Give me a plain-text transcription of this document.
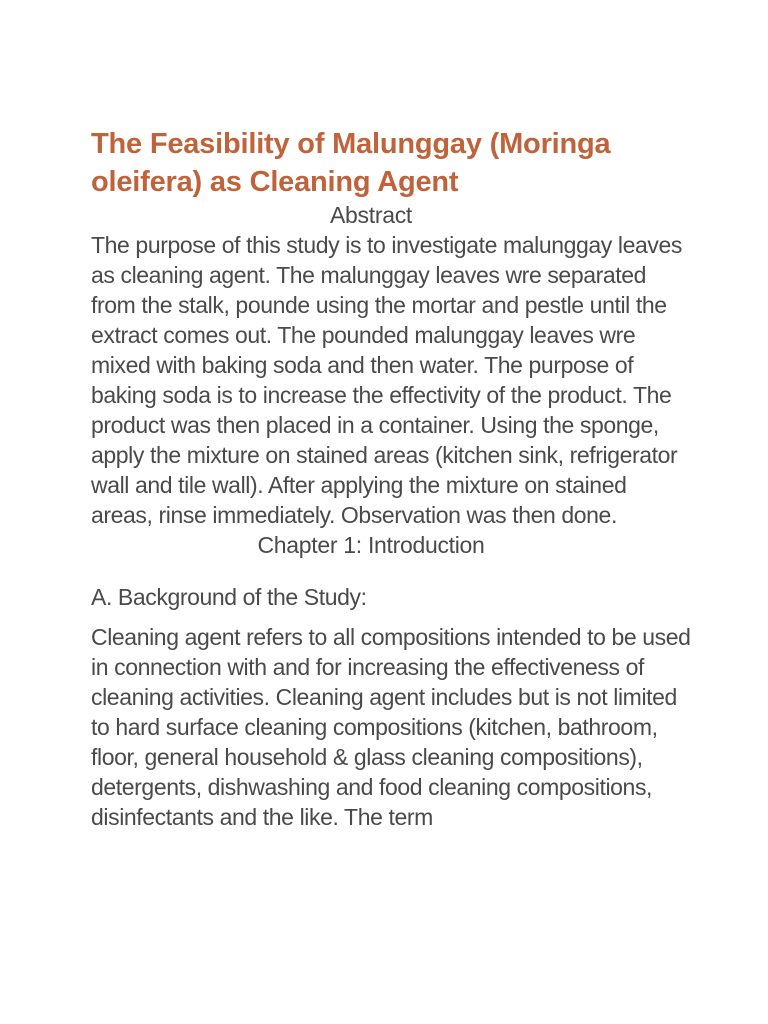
The Feasibility of Malunggay (Moringa oleifera) as Cleaning Agent
Abstract

The purpose of this study is to investigate malunggay leaves as cleaning agent. The malunggay leaves wre separated from the stalk, pounde using the mortar and pestle until the extract comes out. The pounded malunggay leaves wre mixed with baking soda and then water. The purpose of baking soda is to increase the effectivity of the product. The product was then placed in a container. Using the sponge, apply the mixture on stained areas (kitchen sink, refrigerator wall and tile wall). After applying the mixture on stained areas, rinse immediately. Observation was then done.

Chapter 1: Introduction
A. Background of the Study:

Cleaning agent refers to all compositions intended to be used in connection with and for increasing the effectiveness of cleaning activities. Cleaning agent includes but is not limited to hard surface cleaning compositions (kitchen, bathroom, floor, general household & glass cleaning compositions), detergents, dishwashing and food cleaning compositions, disinfectants and the like. The term
